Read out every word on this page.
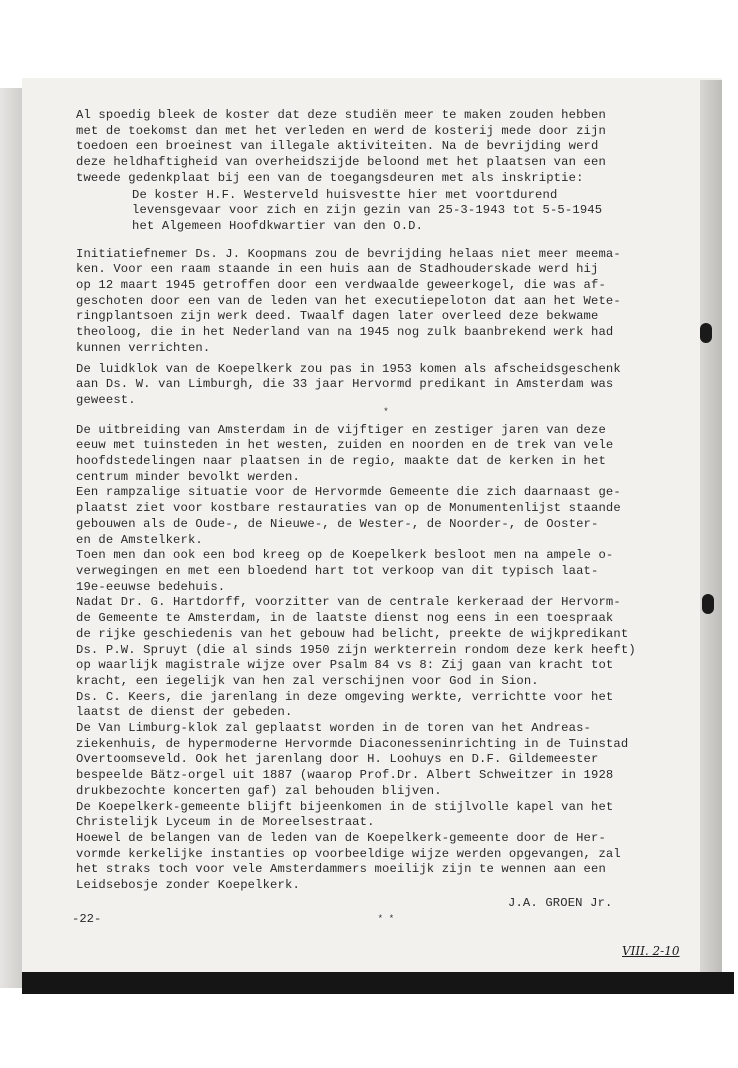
Al spoedig bleek de koster dat deze studiën meer te maken zouden hebben

met de toekomst dan met het verleden en werd de kosterij mede door zijn

toedoen een broeinest van illegale aktiviteiten. Na de bevrijding werd

deze heldhaftigheid van overheidszijde beloond met het plaatsen van een

tweede gedenkplaat bij een van de toegangsdeuren met als inskriptie:

De koster H.F. Westerveld huisvestte hier met voortdurend

levensgevaar voor zich en zijn gezin van 25-3-1943 tot 5-5-1945

het Algemeen Hoofdkwartier van den O.D.

Initiatiefnemer Ds. J. Koopmans zou de bevrijding helaas niet meer meema-

ken. Voor een raam staande in een huis aan de Stadhouderskade werd hij

op 12 maart 1945 getroffen door een verdwaalde geweerkogel, die was af-

geschoten door een van de leden van het executiepeloton dat aan het Wete-

ringplantsoen zijn werk deed. Twaalf dagen later overleed deze bekwame

theoloog, die in het Nederland van na 1945 nog zulk baanbrekend werk had

kunnen verrichten.

De luidklok van de Koepelkerk zou pas in 1953 komen als afscheidsgeschenk

aan Ds. W. van Limburgh, die 33 jaar Hervormd predikant in Amsterdam was

geweest.

*

De uitbreiding van Amsterdam in de vijftiger en zestiger jaren van deze

eeuw met tuinsteden in het westen, zuiden en noorden en de trek van vele

hoofdstedelingen naar plaatsen in de regio, maakte dat de kerken in het

centrum minder bevolkt werden.

Een rampzalige situatie voor de Hervormde Gemeente die zich daarnaast ge-

plaatst ziet voor kostbare restauraties van op de Monumentenlijst staande

gebouwen als de Oude-, de Nieuwe-, de Wester-, de Noorder-, de Ooster-

en de Amstelkerk.

Toen men dan ook een bod kreeg op de Koepelkerk besloot men na ampele o-

verwegingen en met een bloedend hart tot verkoop van dit typisch laat-

19e-eeuwse bedehuis.

Nadat Dr. G. Hartdorff, voorzitter van de centrale kerkeraad der Hervorm-

de Gemeente te Amsterdam, in de laatste dienst nog eens in een toespraak

de rijke geschiedenis van het gebouw had belicht, preekte de wijkpredikant

Ds. P.W. Spruyt (die al sinds 1950 zijn werkterrein rondom deze kerk heeft)

op waarlijk magistrale wijze over Psalm 84 vs 8: Zij gaan van kracht tot

kracht, een iegelijk van hen zal verschijnen voor God in Sion.

Ds. C. Keers, die jarenlang in deze omgeving werkte, verrichtte voor het

laatst de dienst der gebeden.

De Van Limburg-klok zal geplaatst worden in de toren van het Andreas-

ziekenhuis, de hypermoderne Hervormde Diaconesseninrichting in de Tuinstad

Overtoomseveld. Ook het jarenlang door H. Loohuys en D.F. Gildemeester

bespeelde Bätz-orgel uit 1887 (waarop Prof.Dr. Albert Schweitzer in 1928

drukbezochte koncerten gaf) zal behouden blijven.

De Koepelkerk-gemeente blijft bijeenkomen in de stijlvolle kapel van het

Christelijk Lyceum in de Moreelsestraat.

Hoewel de belangen van de leden van de Koepelkerk-gemeente door de Her-

vormde kerkelijke instanties op voorbeeldige wijze werden opgevangen, zal

het straks toch voor vele Amsterdammers moeilijk zijn te wennen aan een

Leidsebosje zonder Koepelkerk.

J.A. GROEN Jr.

* *

-22-
VIII. 2-10
